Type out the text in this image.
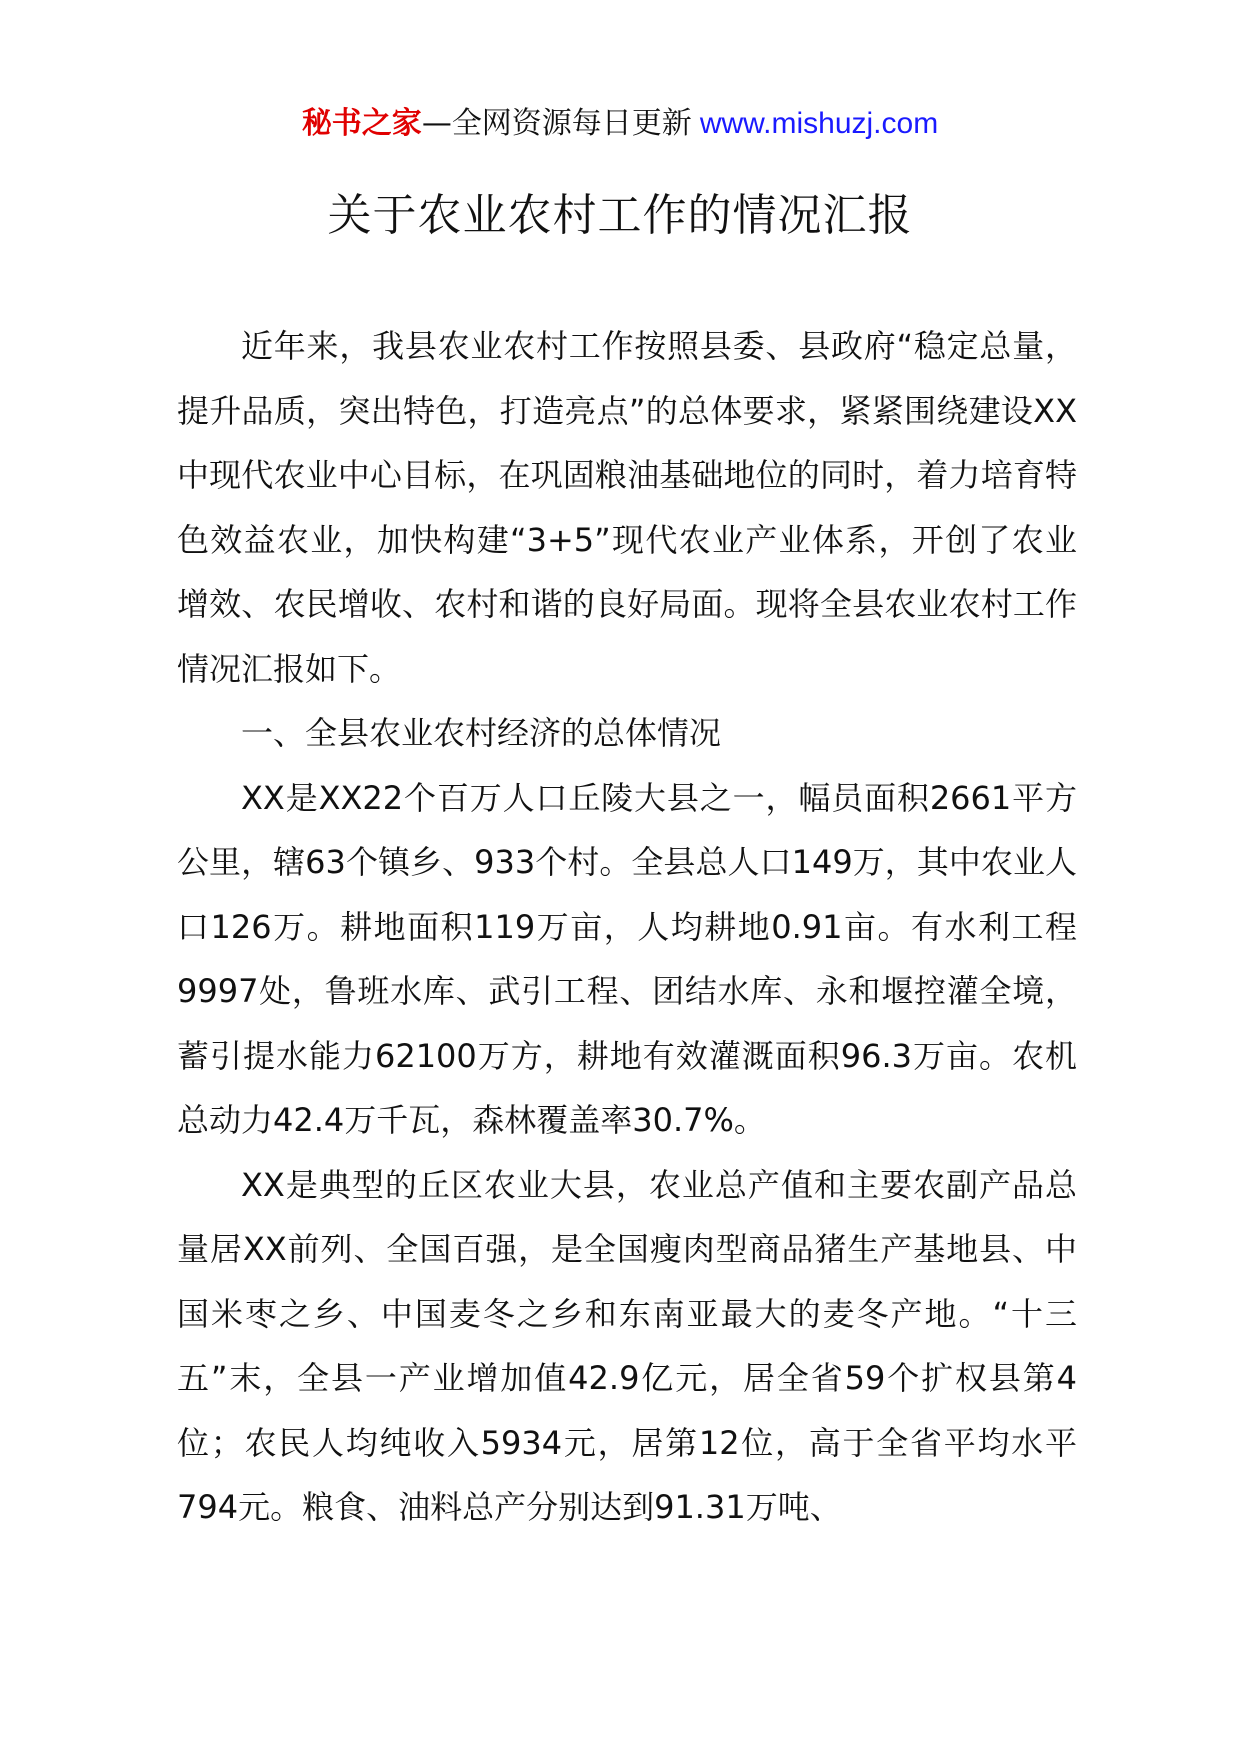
秘书之家—全网资源每日更新 www.mishuzj.com
关于农业农村工作的情况汇报

近年来，我县农业农村工作按照县委、县政府“稳定总量，提升品质，突出特色，打造亮点”的总体要求，紧紧围绕建设XX中现代农业中心目标，在巩固粮油基础地位的同时，着力培育特色效益农业，加快构建“3+5”现代农业产业体系，开创了农业增效、农民增收、农村和谐的良好局面。现将全县农业农村工作情况汇报如下。

一、全县农业农村经济的总体情况

XX是XX22个百万人口丘陵大县之一，幅员面积2661平方公里，辖63个镇乡、933个村。全县总人口149万，其中农业人口126万。耕地面积119万亩，人均耕地0.91亩。有水利工程9997处，鲁班水库、武引工程、团结水库、永和堰控灌全境，蓄引提水能力62100万方，耕地有效灌溉面积96.3万亩。农机总动力42.4万千瓦，森林覆盖率30.7%。

XX是典型的丘区农业大县，农业总产值和主要农副产品总量居XX前列、全国百强，是全国瘦肉型商品猪生产基地县、中国米枣之乡、中国麦冬之乡和东南亚最大的麦冬产地。“十三五”末，全县一产业增加值42.9亿元，居全省59个扩权县第4位；农民人均纯收入5934元，居第12位，高于全省平均水平794元。粮食、油料总产分别达到91.31万吨、
